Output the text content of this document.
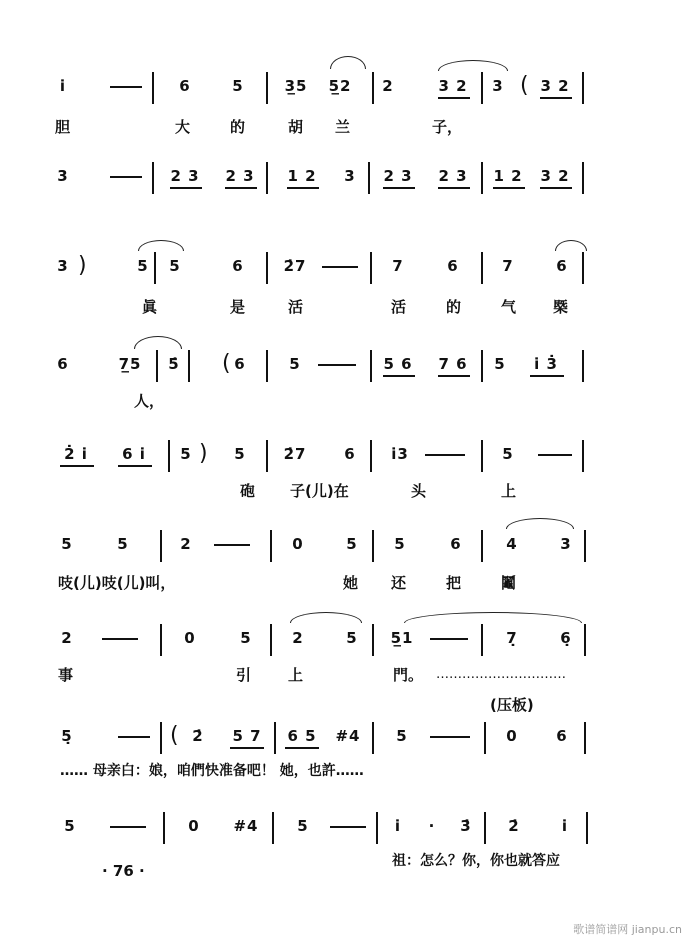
i̇	6	5	3̲5 5̲2 2	3 2 3 ( 3 2
胆	大	的	胡 兰	子，
3	2 3 2 3 1 2 3 2 3 2 3 1 2 3 2
3 )	5 5	6	2̇7	7	6	7	6
眞	是	活	活	的	气 槩
6	7̲5 5̇ ( 6	5	5 6 7 6 5 i̇ 3̇
人，
2̇ i̇ 6 i̇ 5 ) 5	2̇7	6 i̇3	5
砲 子(儿)在	头	上
5	5	2	0	5 5	6	4	3
吱(儿)吱(儿)叫，	她 还	把	鬮
2	0	5	2	5 5̲1	7̣	6̣
事	引 上	門。 …………………………
(压板)
5̣	( 2̇ 5 7 6 5 #4 5	0	6
…… 母亲白：娘，咱們快准备吧！ 她，也許……
5	0 #4	5	i̇ · 3̇ 2̇	i̇
祖：怎么？你，你也就答应
· 76 ·
歌谱简谱网 jianpu.cn
